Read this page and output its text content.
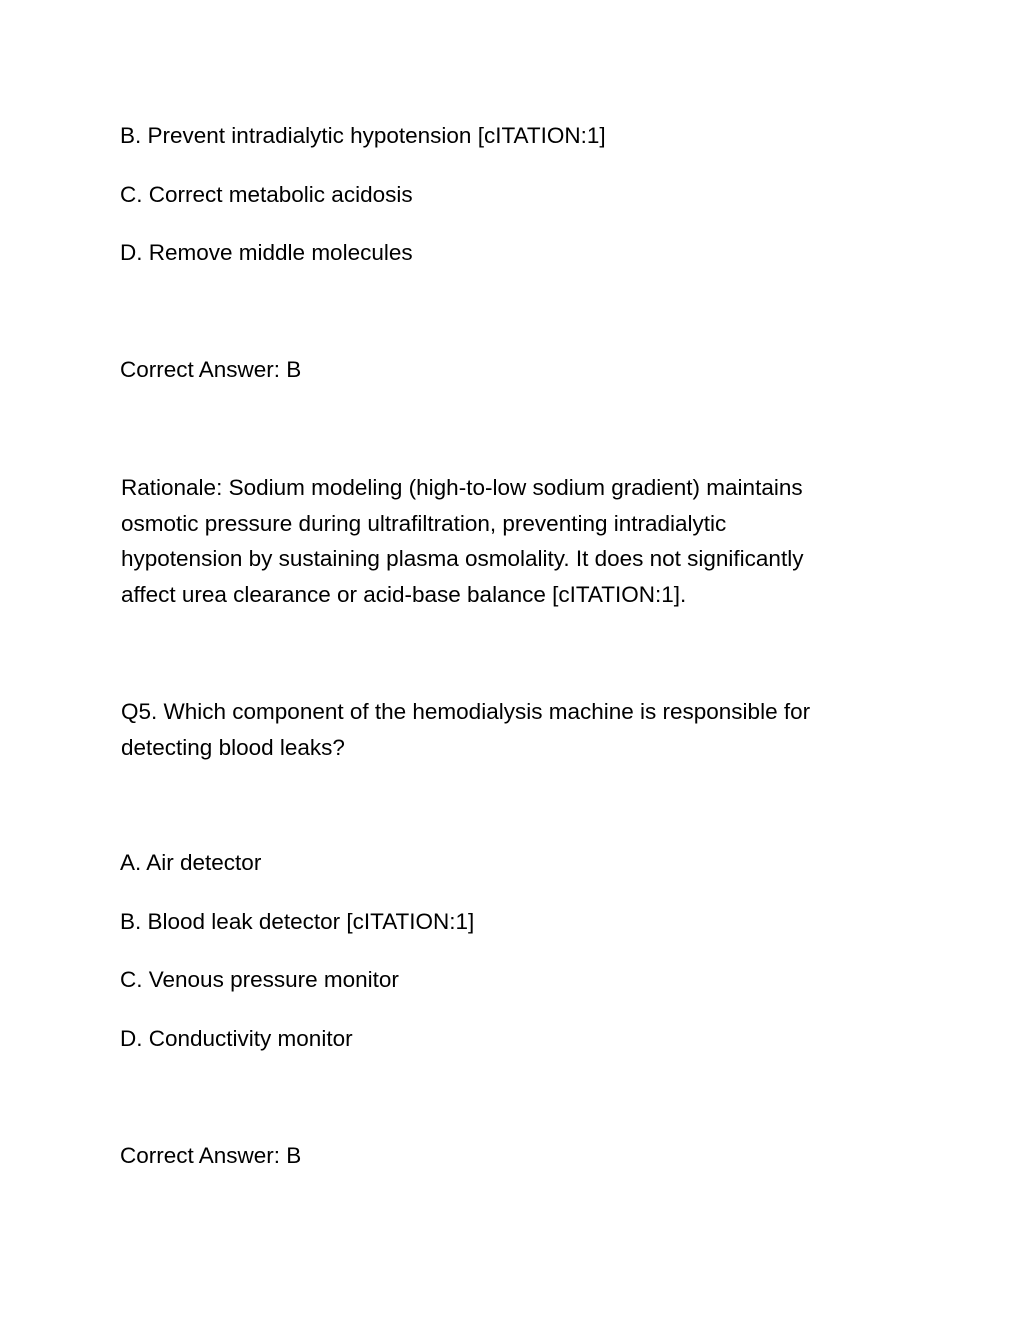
B. Prevent intradialytic hypotension [cITATION:1]

C. Correct metabolic acidosis

D. Remove middle molecules

Correct Answer: B

Rationale: Sodium modeling (high-to-low sodium gradient) maintains
osmotic pressure during ultrafiltration, preventing intradialytic
hypotension by sustaining plasma osmolality. It does not significantly
affect urea clearance or acid-base balance [cITATION:1].
Q5. Which component of the hemodialysis machine is responsible for
detecting blood leaks?

A. Air detector

B. Blood leak detector [cITATION:1]

C. Venous pressure monitor

D. Conductivity monitor

Correct Answer: B
